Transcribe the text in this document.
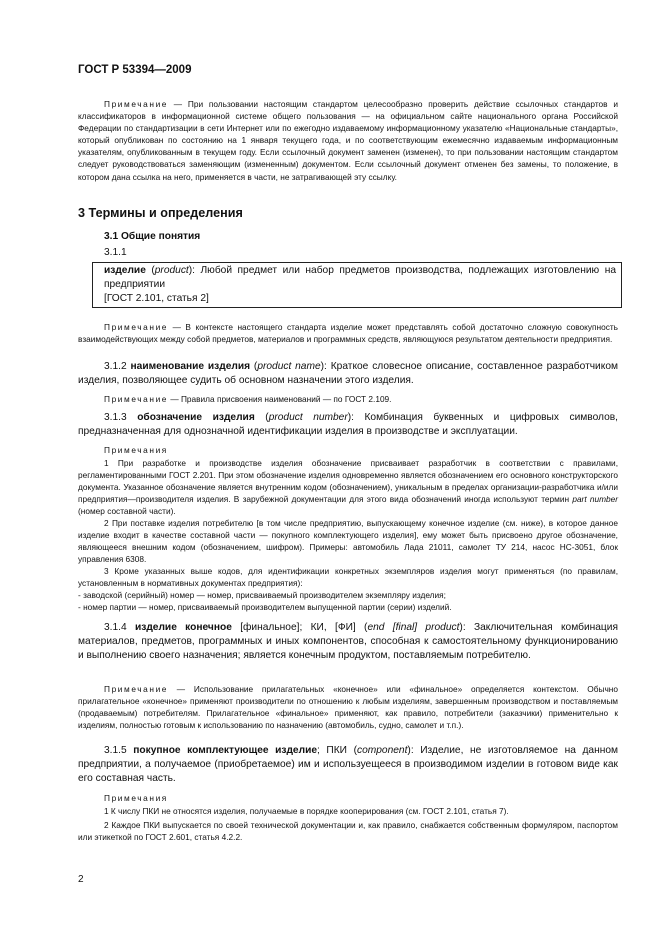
ГОСТ Р 53394—2009
Примечание — При пользовании настоящим стандартом целесообразно проверить действие ссылочных стандартов и классификаторов в информационной системе общего пользования — на официальном сайте национального органа Российской Федерации по стандартизации в сети Интернет или по ежегодно издаваемому информационному указателю «Национальные стандарты», который опубликован по состоянию на 1 января текущего года, и по соответствующим ежемесячно издаваемым информационным указателям, опубликованным в текущем году. Если ссылочный документ заменен (изменен), то при пользовании настоящим стандартом следует руководствоваться заменяющим (измененным) документом. Если ссылочный документ отменен без замены, то положение, в котором дана ссылка на него, применяется в части, не затрагивающей эту ссылку.
3 Термины и определения
3.1 Общие понятия
3.1.1
изделие (product): Любой предмет или набор предметов производства, подлежащих изготовлению на предприятии
[ГОСТ 2.101, статья 2]
Примечание — В контексте настоящего стандарта изделие может представлять собой достаточно сложную совокупность взаимодействующих между собой предметов, материалов и программных средств, являющуюся результатом деятельности предприятия.
3.1.2 наименование изделия (product name): Краткое словесное описание, составленное разработчиком изделия, позволяющее судить об основном назначении этого изделия.
Примечание — Правила присвоения наименований — по ГОСТ 2.109.
3.1.3 обозначение изделия (product number): Комбинация буквенных и цифровых символов, предназначенная для однозначной идентификации изделия в производстве и эксплуатации.
Примечания
1 При разработке и производстве изделия обозначение присваивает разработчик в соответствии с правилами, регламентированными ГОСТ 2.201. При этом обозначение изделия одновременно является обозначением его основного конструкторского документа. Указанное обозначение является внутренним кодом (обозначением), уникальным в пределах организации-разработчика и/или предприятия—производителя изделия. В зарубежной документации для этого вида обозначений иногда используют термин part number (номер составной части).
2 При поставке изделия потребителю [в том числе предприятию, выпускающему конечное изделие (см. ниже), в которое данное изделие входит в качестве составной части — покупного комплектующего изделия], ему может быть присвоено другое обозначение, являющееся внешним кодом (обозначением, шифром). Примеры: автомобиль Лада 21011, самолет ТУ 214, насос НС-3051, блок управления 6308.
3 Кроме указанных выше кодов, для идентификации конкретных экземпляров изделия могут применяться (по правилам, установленным в нормативных документах предприятия):
- заводской (серийный) номер — номер, присваиваемый производителем экземпляру изделия;
- номер партии — номер, присваиваемый производителем выпущенной партии (серии) изделий.
3.1.4 изделие конечное [финальное]; КИ, [ФИ] (end [final] product): Заключительная комбинация материалов, предметов, программных и иных компонентов, способная к самостоятельному функционированию и выполнению своего назначения; является конечным продуктом, поставляемым потребителю.
Примечание — Использование прилагательных «конечное» или «финальное» определяется контекстом. Обычно прилагательное «конечное» применяют производители по отношению к любым изделиям, завершенным производством и поставляемым (продаваемым) потребителям. Прилагательное «финальное» применяют, как правило, потребители (заказчики) применительно к изделиям, полностью готовым к использованию по назначению (автомобиль, судно, самолет и т.п.).
3.1.5 покупное комплектующее изделие; ПКИ (component): Изделие, не изготовляемое на данном предприятии, а получаемое (приобретаемое) им и используещееся в производимом изделии в готовом виде как его составная часть.
Примечания
1 К числу ПКИ не относятся изделия, получаемые в порядке кооперирования (см. ГОСТ 2.101, статья 7).
2 Каждое ПКИ выпускается по своей технической документации и, как правило, снабжается собственным формуляром, паспортом или этикеткой по ГОСТ 2.601, статья 4.2.2.
2
